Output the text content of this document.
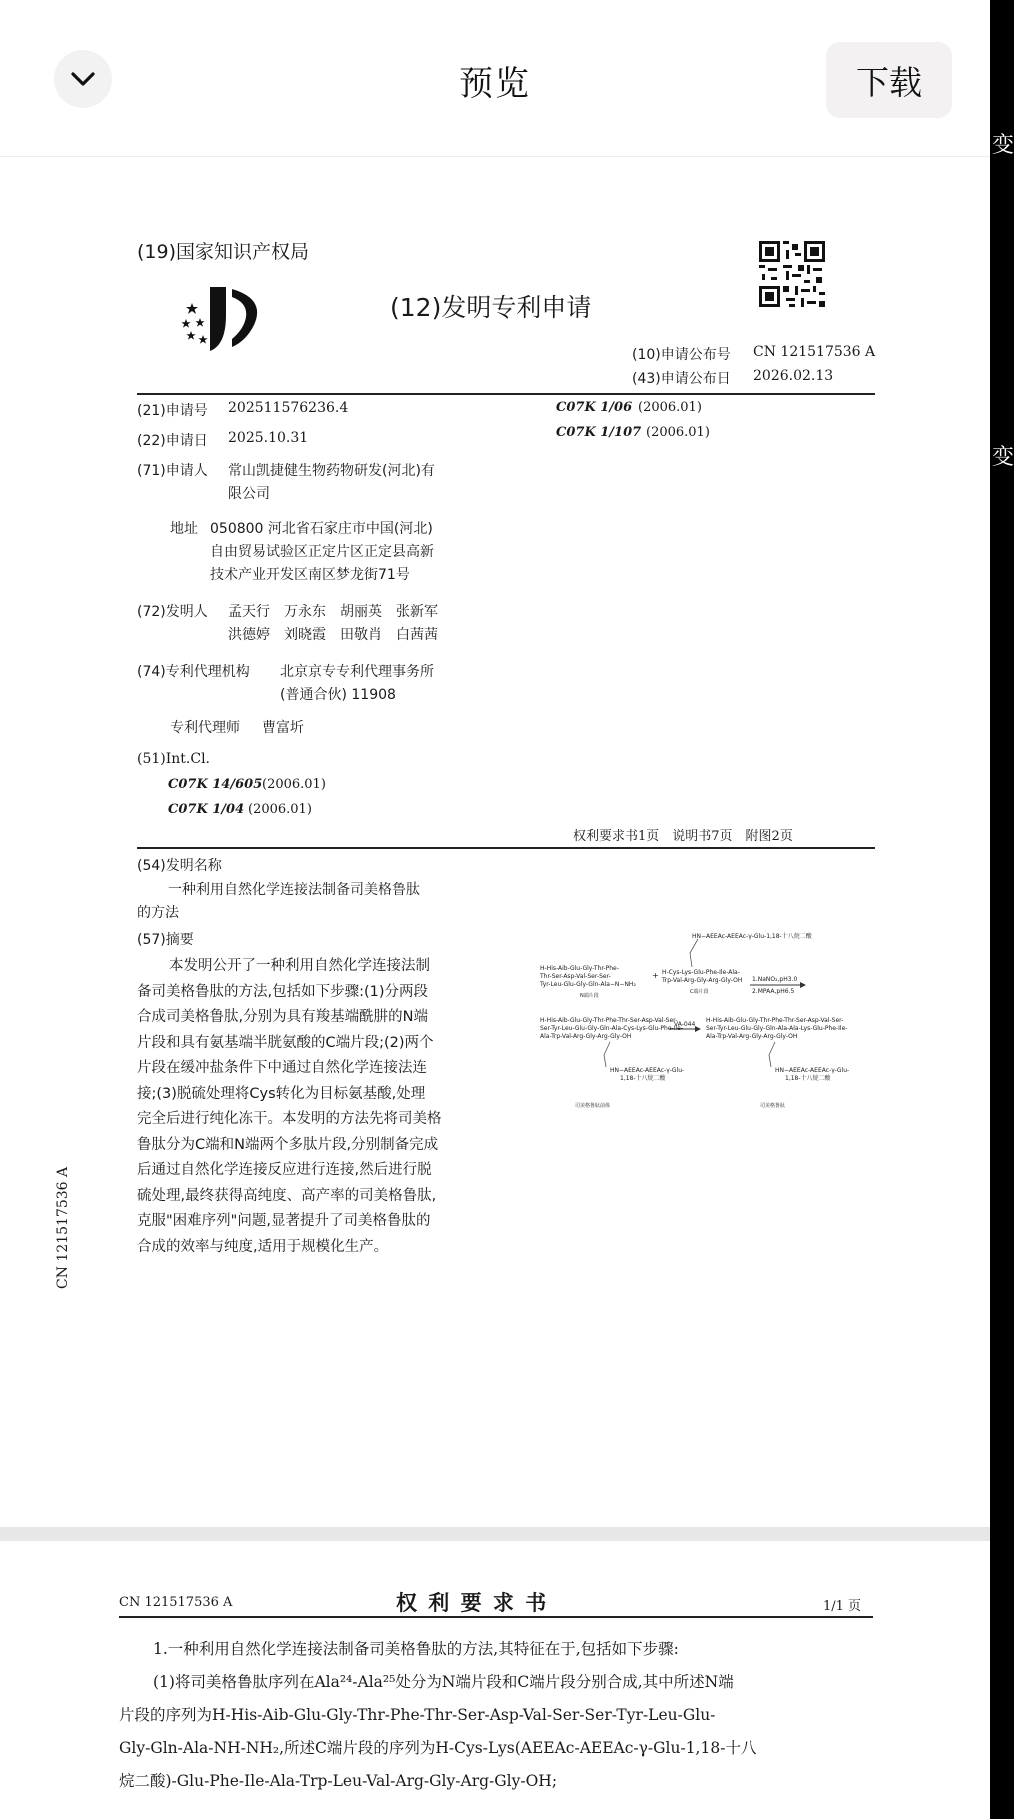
预览	下载
(19)国家知识产权局
(12)发明专利申请
(10)申请公布号 CN 121517536 A
(43)申请公布日 2026.02.13
(21)申请号 202511576236.4
(22)申请日 2025.10.31
(71)申请人 常山凯捷健生物药物研发(河北)有
限公司
地址 050800 河北省石家庄市中国(河北)
自由贸易试验区正定片区正定县高新
技术产业开发区南区梦龙街71号
(72)发明人 孟天行　万永东　胡丽英　张新军
洪德婷　刘晓霞　田敬肖　白茜茜
(74)专利代理机构 北京京专专利代理事务所
(普通合伙) 11908
专利代理师 曹富圻
(51)Int.Cl.
C07K 14/605 (2006.01)
C07K 1/04 (2006.01)
C07K 1/06 (2006.01)
C07K 1/107 (2006.01)
权利要求书1页　说明书7页　附图2页
(54)发明名称
一种利用自然化学连接法制备司美格鲁肽
的方法
(57)摘要
本发明公开了一种利用自然化学连接法制
备司美格鲁肽的方法,包括如下步骤:(1)分两段
合成司美格鲁肽,分别为具有羧基端酰肼的N端
片段和具有氨基端半胱氨酸的C端片段;(2)两个
片段在缓冲盐条件下中通过自然化学连接法连
接;(3)脱硫处理将Cys转化为目标氨基酸,处理
完全后进行纯化冻干。本发明的方法先将司美格
鲁肽分为C端和N端两个多肽片段,分别制备完成
后通过自然化学连接反应进行连接,然后进行脱
硫处理,最终获得高纯度、高产率的司美格鲁肽,
克服"困难序列"问题,显著提升了司美格鲁肽的
合成的效率与纯度,适用于规模化生产。
HN−AEEAc-AEEAc-γ-Glu-1,18-十八烷二酸
H-His-Aib-Glu-Gly-Thr-Phe-
Thr-Ser-Asp-Val-Ser-Ser-
Tyr-Leu-Glu-Gly-Gln-Ala−N−NH₂
N端片段
+ H-Cys-Lys-Glu-Phe-Ile-Ala-
Trp-Val-Arg-Gly-Arg-Gly-OH
C端片段
1.NaNO₂,pH3.0
2.MPAA,pH6.5
H-His-Aib-Glu-Gly-Thr-Phe-Thr-Ser-Asp-Val-Ser-
Ser-Tyr-Leu-Glu-Gly-Gln-Ala-Cys-Lys-Glu-Phe-Ile-
Ala-Trp-Val-Arg-Gly-Arg-Gly-OH
VA-044
H-His-Aib-Glu-Gly-Thr-Phe-Thr-Ser-Asp-Val-Ser-
Ser-Tyr-Leu-Glu-Gly-Gln-Ala-Ala-Lys-Glu-Phe-Ile-
Ala-Trp-Val-Arg-Gly-Arg-Gly-OH
HN−AEEAc-AEEAc-γ-Glu-
1,18-十八烷二酸
HN−AEEAc-AEEAc-γ-Glu-
1,18-十八烷二酸
司美格鲁肽前体	司美格鲁肽
CN 121517536 A
CN 121517536 A	权 利 要 求 书	1/1 页
1.一种利用自然化学连接法制备司美格鲁肽的方法,其特征在于,包括如下步骤:
(1)将司美格鲁肽序列在Ala²⁴-Ala²⁵处分为N端片段和C端片段分别合成,其中所述N端
片段的序列为H-His-Aib-Glu-Gly-Thr-Phe-Thr-Ser-Asp-Val-Ser-Ser-Tyr-Leu-Glu-
Gly-Gln-Ala-NH-NH₂,所述C端片段的序列为H-Cys-Lys(AEEAc-AEEAc-γ-Glu-1,18-十八
烷二酸)-Glu-Phe-Ile-Ala-Trp-Leu-Val-Arg-Gly-Arg-Gly-OH;
变
变
